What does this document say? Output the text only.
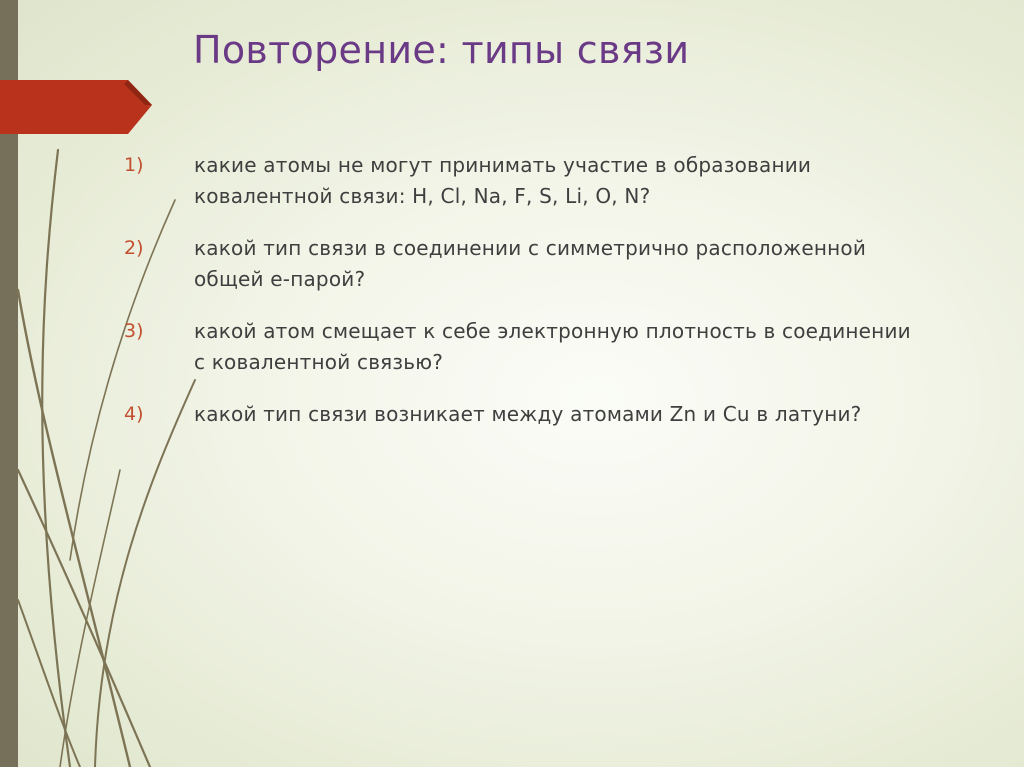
Повторение: типы связи
1)	какие атомы не могут принимать участие в образовании ковалентной связи: H, Cl, Na, F, S, Li, O, N?
2)	какой тип связи в соединении с симметрично расположенной общей е-парой?
3)	какой атом смещает к себе электронную плотность в соединении с ковалентной связью?
4)	какой тип связи возникает между атомами Zn и Cu в латуни?
